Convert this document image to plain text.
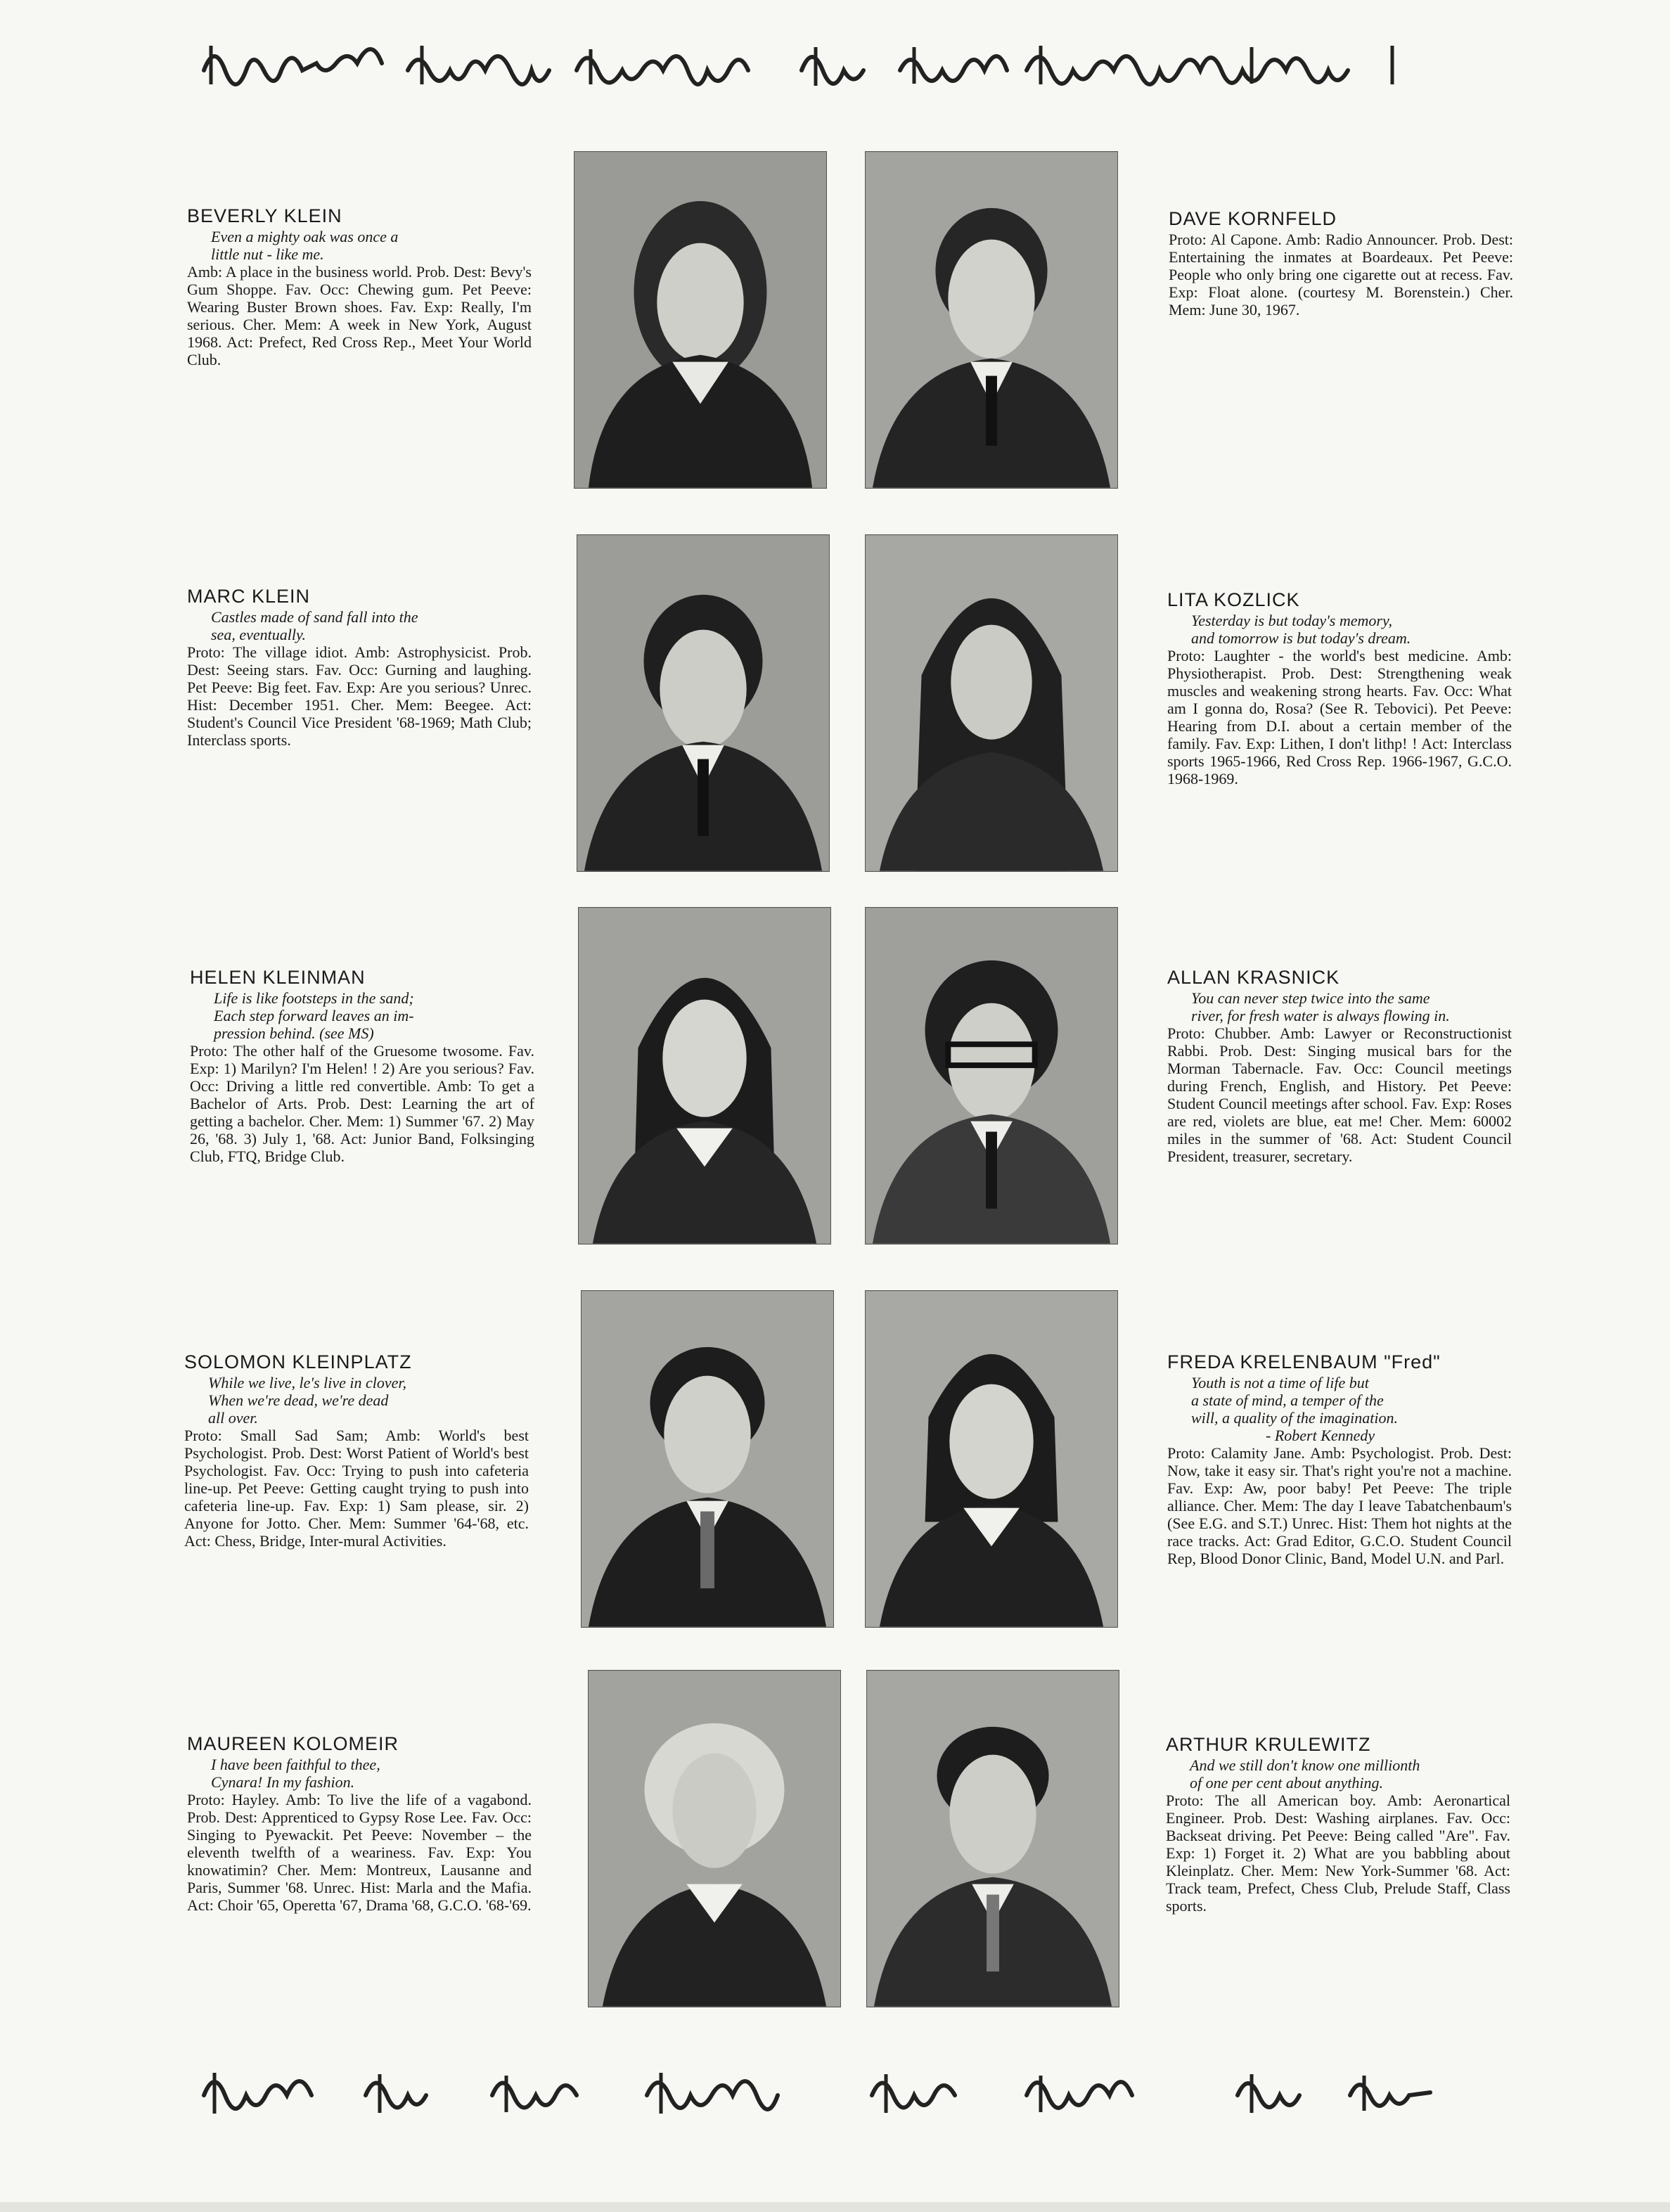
BEVERLY KLEIN
Even a mighty oak was once a
little nut - like me.
Amb: A place in the business world. Prob. Dest: Bevy's Gum Shoppe. Fav. Occ: Chewing gum. Pet Peeve: Wearing Buster Brown shoes. Fav. Exp: Really, I'm serious. Cher. Mem: A week in New York, August 1968. Act: Prefect, Red Cross Rep., Meet Your World Club.
DAVE KORNFELD
Proto: Al Capone. Amb: Radio Announcer. Prob. Dest: Entertaining the inmates at Boardeaux. Pet Peeve: People who only bring one cigarette out at recess. Fav. Exp: Float alone. (courtesy M. Borenstein.) Cher. Mem: June 30, 1967.
MARC KLEIN
Castles made of sand fall into the
sea, eventually.
Proto: The village idiot. Amb: Astrophysicist. Prob. Dest: Seeing stars. Fav. Occ: Gurning and laughing. Pet Peeve: Big feet. Fav. Exp: Are you serious? Unrec. Hist: December 1951. Cher. Mem: Beegee. Act: Student's Council Vice President '68-1969; Math Club; Interclass sports.
LITA KOZLICK
Yesterday is but today's memory,
and tomorrow is but today's dream.
Proto: Laughter - the world's best medicine. Amb: Physiotherapist. Prob. Dest: Strengthening weak muscles and weakening strong hearts. Fav. Occ: What am I gonna do, Rosa? (See R. Tebovici). Pet Peeve: Hearing from D.I. about a certain member of the family. Fav. Exp: Lithen, I don't lithp! ! Act: Interclass sports 1965-1966, Red Cross Rep. 1966-1967, G.C.O. 1968-1969.
HELEN KLEINMAN
Life is like footsteps in the sand;
Each step forward leaves an im-
pression behind. (see MS)
Proto: The other half of the Gruesome twosome. Fav. Exp: 1) Marilyn? I'm Helen! ! 2) Are you serious? Fav. Occ: Driving a little red convertible. Amb: To get a Bachelor of Arts. Prob. Dest: Learning the art of getting a bachelor. Cher. Mem: 1) Summer '67. 2) May 26, '68. 3) July 1, '68. Act: Junior Band, Folksinging Club, FTQ, Bridge Club.
ALLAN KRASNICK
You can never step twice into the same
river, for fresh water is always flowing in.
Proto: Chubber. Amb: Lawyer or Reconstructionist Rabbi. Prob. Dest: Singing musical bars for the Morman Tabernacle. Fav. Occ: Council meetings during French, English, and History. Pet Peeve: Student Council meetings after school. Fav. Exp: Roses are red, violets are blue, eat me! Cher. Mem: 60002 miles in the summer of '68. Act: Student Council President, treasurer, secretary.
SOLOMON KLEINPLATZ
While we live, le's live in clover,
When we're dead, we're dead
all over.
Proto: Small Sad Sam; Amb: World's best Psychologist. Prob. Dest: Worst Patient of World's best Psychologist. Fav. Occ: Trying to push into cafeteria line-up. Pet Peeve: Getting caught trying to push into cafeteria line-up. Fav. Exp: 1) Sam please, sir. 2) Anyone for Jotto. Cher. Mem: Summer '64-'68, etc. Act: Chess, Bridge, Inter-mural Activities.
FREDA KRELENBAUM "Fred"
Youth is not a time of life but
a state of mind, a temper of the
will, a quality of the imagination.
- Robert Kennedy
Proto: Calamity Jane. Amb: Psychologist. Prob. Dest: Now, take it easy sir. That's right you're not a machine. Fav. Exp: Aw, poor baby! Pet Peeve: The triple alliance. Cher. Mem: The day I leave Tabatchenbaum's (See E.G. and S.T.) Unrec. Hist: Them hot nights at the race tracks. Act: Grad Editor, G.C.O. Student Council Rep, Blood Donor Clinic, Band, Model U.N. and Parl.
MAUREEN KOLOMEIR
I have been faithful to thee,
Cynara! In my fashion.
Proto: Hayley. Amb: To live the life of a vagabond. Prob. Dest: Apprenticed to Gypsy Rose Lee. Fav. Occ: Singing to Pyewackit. Pet Peeve: November – the eleventh twelfth of a weariness. Fav. Exp: You knowatimin? Cher. Mem: Montreux, Lausanne and Paris, Summer '68. Unrec. Hist: Marla and the Mafia. Act: Choir '65, Operetta '67, Drama '68, G.C.O. '68-'69.
ARTHUR KRULEWITZ
And we still don't know one millionth
of one per cent about anything.
Proto: The all American boy. Amb: Aeronartical Engineer. Prob. Dest: Washing airplanes. Fav. Occ: Backseat driving. Pet Peeve: Being called "Are". Fav. Exp: 1) Forget it. 2) What are you babbling about Kleinplatz. Cher. Mem: New York-Summer '68. Act: Track team, Prefect, Chess Club, Prelude Staff, Class sports.
